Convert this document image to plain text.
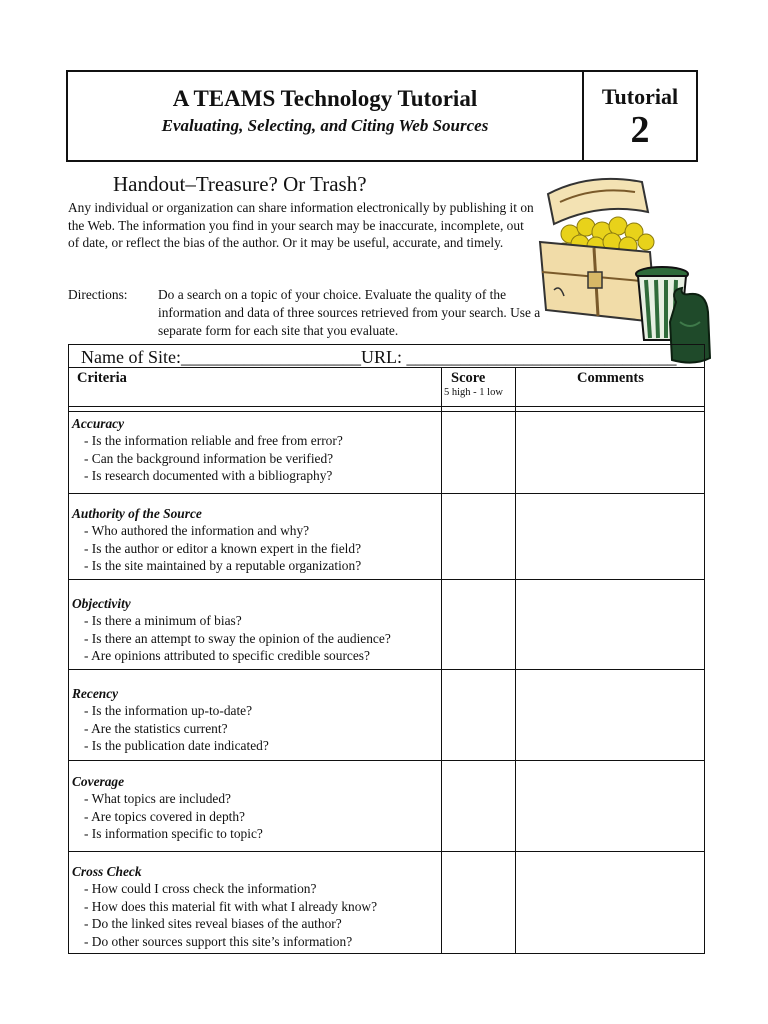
A TEAMS Technology Tutorial
Evaluating, Selecting, and Citing Web Sources
Tutorial
2
Handout–Treasure? Or Trash?
Any individual or organization can share information electronically by publishing it on the Web. The information you find in your search may be inaccurate, incomplete, out of date, or reflect the bias of the author. Or it may be useful, accurate, and timely.
Directions:	Do a search on a topic of your choice. Evaluate the quality of the information and data of three sources retrieved from your search. Use a separate form for each site that you evaluate.
Name of Site:____________________URL: ______________________________
Criteria	Score
5 high - 1 low
Comments
Accuracy
- Is the information reliable and free from error?
- Can the background information be verified?
- Is research documented with a bibliography?
Authority of the Source
- Who authored the information and why?
- Is the author or editor a known expert in the field?
- Is the site maintained by a reputable organization?
Objectivity
- Is there a minimum of bias?
- Is there an attempt to sway the opinion of the audience?
- Are opinions attributed to specific credible sources?
Recency
- Is the information up-to-date?
- Are the statistics current?
- Is the publication date indicated?
Coverage
- What topics are included?
- Are topics covered in depth?
- Is information specific to topic?
Cross Check
- How could I cross check the information?
- How does this material fit with what I already know?
- Do the linked sites reveal biases of the author?
- Do other sources support this site’s information?
